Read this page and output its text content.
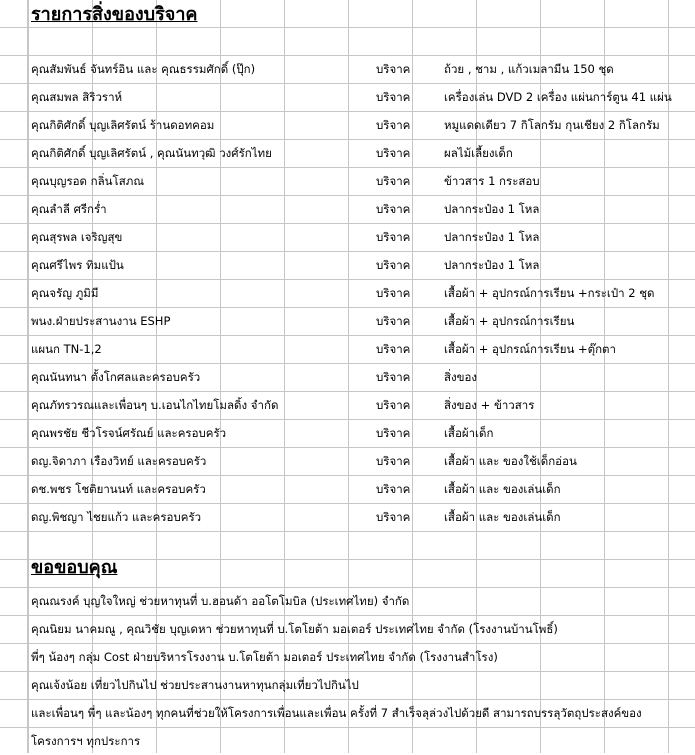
รายการสิ่งของบริจาค
คุณสัมพันธ์ จันทร์อิน และ คุณธรรมศักดิ์ (ปุ๊ก)	บริจาค	ถ้วย , ชาม , แก้วเมลามีน 150 ชุด
คุณสมพล สิริวราห์	บริจาค	เครื่องเล่น DVD 2 เครื่อง แผ่นการ์ตูน 41 แผ่น
คุณกิติศักดิ์ บุญเลิศรัตน์ ร้านดอทคอม	บริจาค	หมูแดดเดียว 7 กิโลกรัม กุนเชียง 2 กิโลกรัม
คุณกิติศักดิ์ บุญเลิศรัตน์ , คุณนันทวุฒิ วงศ์รักไทย	บริจาค	ผลไม้เลี้ยงเด็ก
คุณบุญรอด กลิ่นโสภณ	บริจาค	ข้าวสาร 1 กระสอบ
คุณลำลี ศรีกร่ำ	บริจาค	ปลากระป๋อง 1 โหล
คุณสุรพล เจริญสุข	บริจาค	ปลากระป๋อง 1 โหล
คุณศรีไพร ทิมแป้น	บริจาค	ปลากระป๋อง 1 โหล
คุณจรัญ ภูมิมี	บริจาค	เสื้อผ้า + อุปกรณ์การเรียน +กระเป๋า 2 ชุด
พนง.ฝ่ายประสานงาน ESHP	บริจาค	เสื้อผ้า + อุปกรณ์การเรียน
แผนก TN-1,2	บริจาค	เสื้อผ้า + อุปกรณ์การเรียน +ตุ๊กตา
คุณนันทนา ตั้งโกศลและครอบครัว	บริจาค	สิ่งของ
คุณภัทรวรณและเพื่อนๆ บ.เอนไกไทยโมลดิ้ง จำกัด	บริจาค	สิ่งของ + ข้าวสาร
คุณพรชัย ชีวโรจน์ศรัณย์ และครอบครัว	บริจาค	เสื้อผ้าเด็ก
ดญ.จิดาภา เรืองวิทย์ และครอบครัว	บริจาค	เสื้อผ้า และ ของใช้เด็กอ่อน
ดช.พชร โชติยานนท์ และครอบครัว	บริจาค	เสื้อผ้า และ ของเล่นเด็ก
ดญ.พิชญา ไชยแก้ว และครอบครัว	บริจาค	เสื้อผ้า และ ของเล่นเด็ก
ขอขอบคุณ
คุณณรงค์ บุญใจใหญ่ ช่วยหาทุนที่ บ.ฮอนด้า ออโตโมบิล (ประเทศไทย) จำกัด
คุณนิยม นาคมณู , คุณวิชัย บุญเดหา ช่วยหาทุนที่ บ.โตโยต้า มอเตอร์ ประเทศไทย จำกัด (โรงงานบ้านโพธิ์)
พี่ๆ น้องๆ กลุ่ม Cost ฝ่ายบริหารโรงงาน บ.โตโยต้า มอเตอร์ ประเทศไทย จำกัด (โรงงานสำโรง)
คุณเจ้งน้อย เที่ยวไปกินไป ช่วยประสานงานหาทุนกลุ่มเที่ยวไปกินไป
และเพื่อนๆ พี่ๆ และน้องๆ ทุกคนที่ช่วยให้โครงการเพื่อนและเพื่อน ครั้งที่ 7 สำเร็จลุล่วงไปด้วยดี สามารถบรรลุวัตถุประสงค์ของ
โครงการฯ ทุกประการ
